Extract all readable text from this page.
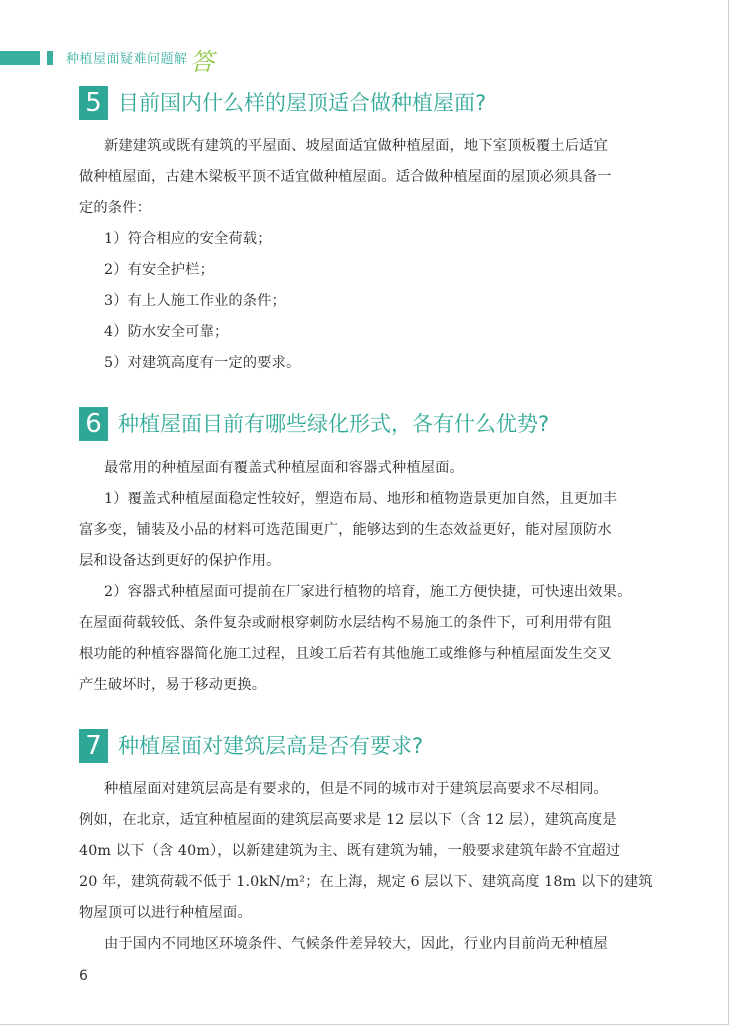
种植屋面疑难问题解 答
5 目前国内什么样的屋顶适合做种植屋面?
新建建筑或既有建筑的平屋面、坡屋面适宜做种植屋面，地下室顶板覆土后适宜
做种植屋面，古建木梁板平顶不适宜做种植屋面。适合做种植屋面的屋顶必须具备一
定的条件：
1）符合相应的安全荷载；
2）有安全护栏；
3）有上人施工作业的条件；
4）防水安全可靠；
5）对建筑高度有一定的要求。
6 种植屋面目前有哪些绿化形式，各有什么优势?
最常用的种植屋面有覆盖式种植屋面和容器式种植屋面。
1）覆盖式种植屋面稳定性较好，塑造布局、地形和植物造景更加自然，且更加丰
富多变，铺装及小品的材料可选范围更广，能够达到的生态效益更好，能对屋顶防水
层和设备达到更好的保护作用。
2）容器式种植屋面可提前在厂家进行植物的培育，施工方便快捷，可快速出效果。
在屋面荷载较低、条件复杂或耐根穿刺防水层结构不易施工的条件下，可利用带有阻
根功能的种植容器简化施工过程，且竣工后若有其他施工或维修与种植屋面发生交叉
产生破坏时，易于移动更换。
7 种植屋面对建筑层高是否有要求?
种植屋面对建筑层高是有要求的，但是不同的城市对于建筑层高要求不尽相同。
例如，在北京，适宜种植屋面的建筑层高要求是 12 层以下（含 12 层），建筑高度是
40m 以下（含 40m），以新建建筑为主、既有建筑为辅，一般要求建筑年龄不宜超过
20 年，建筑荷载不低于 1.0kN/m²；在上海，规定 6 层以下、建筑高度 18m 以下的建筑
物屋顶可以进行种植屋面。
由于国内不同地区环境条件、气候条件差异较大，因此，行业内目前尚无种植屋
6
